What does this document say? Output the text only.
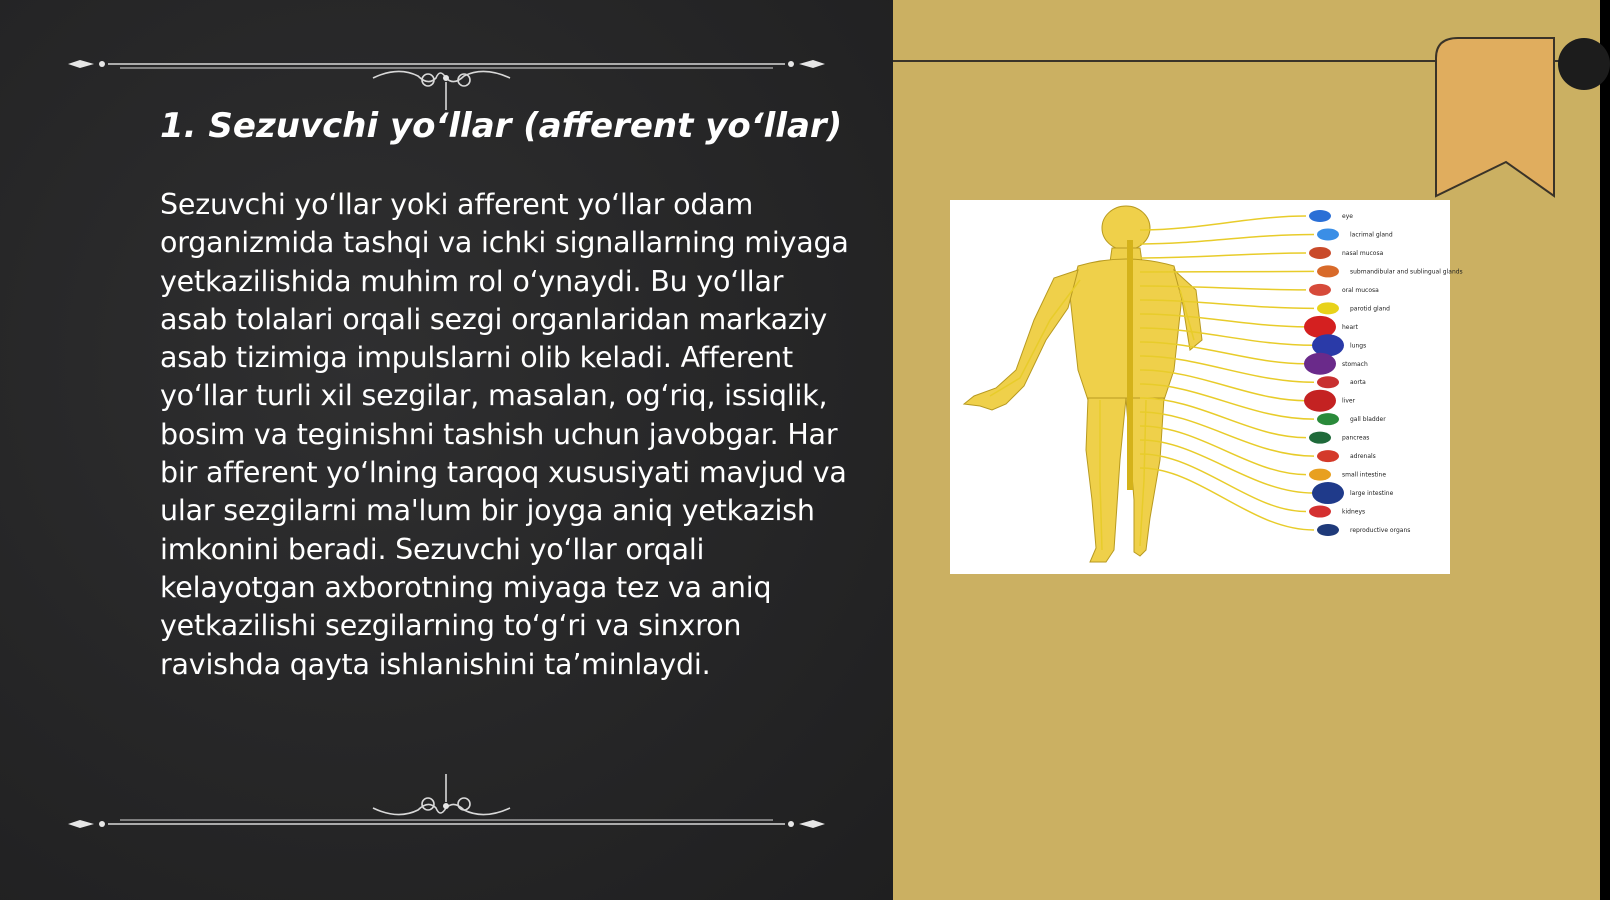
1. Sezuvchi yo‘llar (afferent yo‘llar)

Sezuvchi yo‘llar yoki afferent yo‘llar odam organizmida tashqi va ichki signallarning miyaga yetkazilishida muhim rol o‘ynaydi. Bu yo‘llar asab tolalari orqali sezgi organlaridan markaziy asab tizimiga impulslarni olib keladi. Afferent yo‘llar turli xil sezgilar, masalan, og‘riq, issiqlik, bosim va teginishni tashish uchun javobgar. Har bir afferent yo‘lning tarqoq xususiyati mavjud va ular sezgilarni ma'lum bir joyga aniq yetkazish imkonini beradi. Sezuvchi yo‘llar orqali kelayotgan axborotning miyaga tez va aniq yetkazilishi sezgilarning to‘g‘ri va sinxron ravishda qayta ishlanishini ta’minlaydi.

eye
lacrimal gland
nasal mucosa
submandibular and sublingual glands
oral mucosa
parotid gland
heart
lungs
stomach
aorta
liver
gall bladder
pancreas
adrenals
small intestine
large intestine
kidneys
reproductive organs
